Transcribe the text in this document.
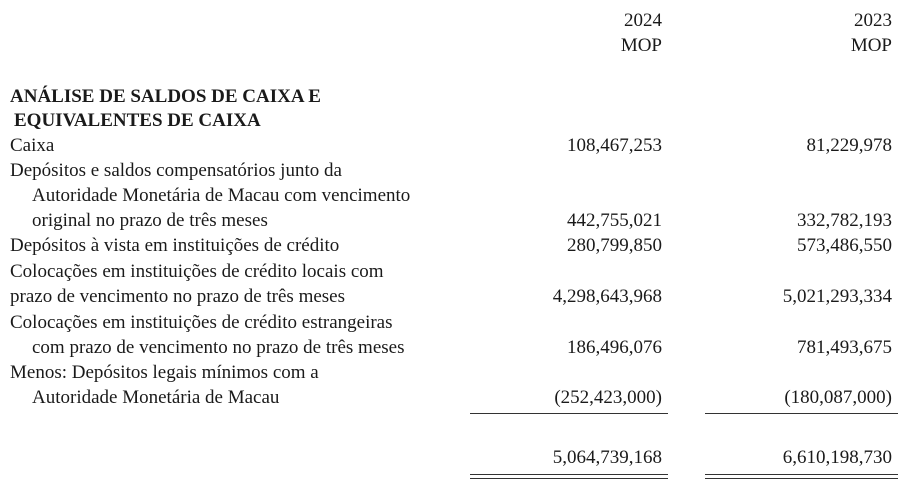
2024
MOP
2023
MOP
ANÁLISE DE SALDOS DE CAIXA E
EQUIVALENTES DE CAIXA
Caixa	108,467,253	81,229,978
Depósitos e saldos compensatórios junto da
Autoridade Monetária de Macau com vencimento
original no prazo de três meses	442,755,021	332,782,193
Depósitos à vista em instituições de crédito	280,799,850	573,486,550
Colocações em instituições de crédito locais com
prazo de vencimento no prazo de três meses	4,298,643,968	5,021,293,334
Colocações em instituições de crédito estrangeiras
com prazo de vencimento no prazo de três meses	186,496,076	781,493,675
Menos: Depósitos legais mínimos com a
Autoridade Monetária de Macau	(252,423,000)	(180,087,000)
5,064,739,168	6,610,198,730
